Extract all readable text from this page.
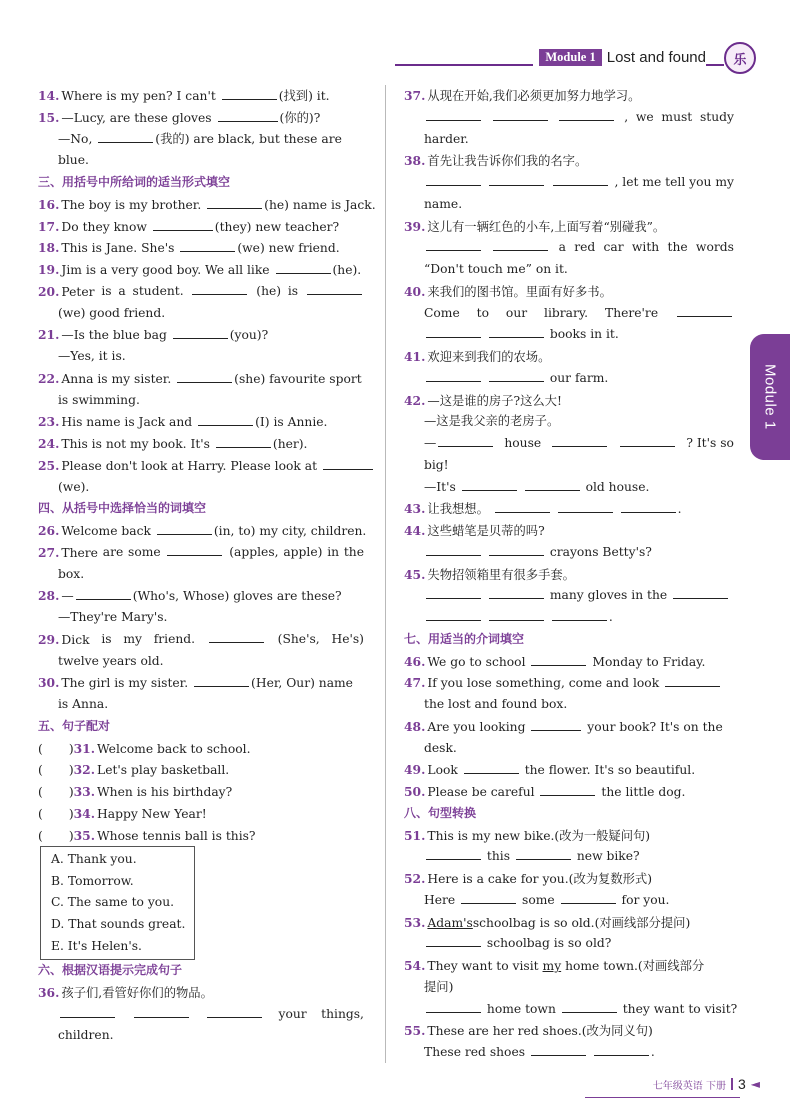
Module 1 Lost and found	乐
Module 1
14. Where is my pen? I can't	(找到) it.
15. —Lucy, are these gloves	(你的)?
—No,	(我的) are black, but these are
blue.
三、用括号中所给词的适当形式填空
16. The boy is my brother.	(he) name is Jack.
17. Do they know	(they) new teacher?
18. This is Jane. She's	(we) new friend.
19. Jim is a very good boy. We all like	(he).
20. Peter is a student.	(he) is
(we) good friend.
21. —Is the blue bag	(you)?
—Yes, it is.
22. Anna is my sister.	(she) favourite sport
is swimming.
23. His name is Jack and	(I) is Annie.
24. This is not my book. It's	(her).
25. Please don't look at Harry. Please look at
(we).
四、从括号中选择恰当的词填空
26. Welcome back	(in, to) my city, children.
27. There are some	(apples, apple) in the
box.
28. —	(Who's, Whose) gloves are these?
—They're Mary's.
29. Dick is my friend.	(She's, He's)
twelve years old.
30. The girl is my sister.	(Her, Our) name
is Anna.
五、句子配对
( )31. Welcome back to school.
( )32. Let's play basketball.
( )33. When is his birthday?
( )34. Happy New Year!
( )35. Whose tennis ball is this?
A. Thank you.
B. Tomorrow.
C. The same to you.
D. That sounds great.
E. It's Helen's.
六、根据汉语提示完成句子
36. 孩子们,看管好你们的物品。
your things,
children.
37. 从现在开始,我们必须更加努力地学习。
, we must study
harder.
38. 首先让我告诉你们我的名字。
, let me tell you my
name.
39. 这儿有一辆红色的小车,上面写着“别碰我”。
a red car with the words
“Don't touch me” on it.
40. 来我们的图书馆。里面有好多书。
Come to our library. There're
books in it.
41. 欢迎来到我们的农场。
our farm.
42. —这是谁的房子?这么大!
—这是我父亲的老房子。
—	house	? It's so
big!
—It's	old house.
43. 让我想想。	.
44. 这些蜡笔是贝蒂的吗?
crayons Betty's?
45. 失物招领箱里有很多手套。
many gloves in the
.
七、用适当的介词填空
46. We go to school	Monday to Friday.
47. If you lose something, come and look
the lost and found box.
48. Are you looking	your book? It's on the
desk.
49. Look	the flower. It's so beautiful.
50. Please be careful	the little dog.
八、句型转换
51. This is my new bike.(改为一般疑问句)
this	new bike?
52. Here is a cake for you.(改为复数形式)
Here	some	for you.
53. Adam'sschoolbag is so old.(对画线部分提问)
schoolbag is so old?
54. They want to visit my home town.(对画线部分
提问)
home town	they want to visit?
55. These are her red shoes.(改为同义句)
These red shoes	.
七年级英语 下册 3 ◄
